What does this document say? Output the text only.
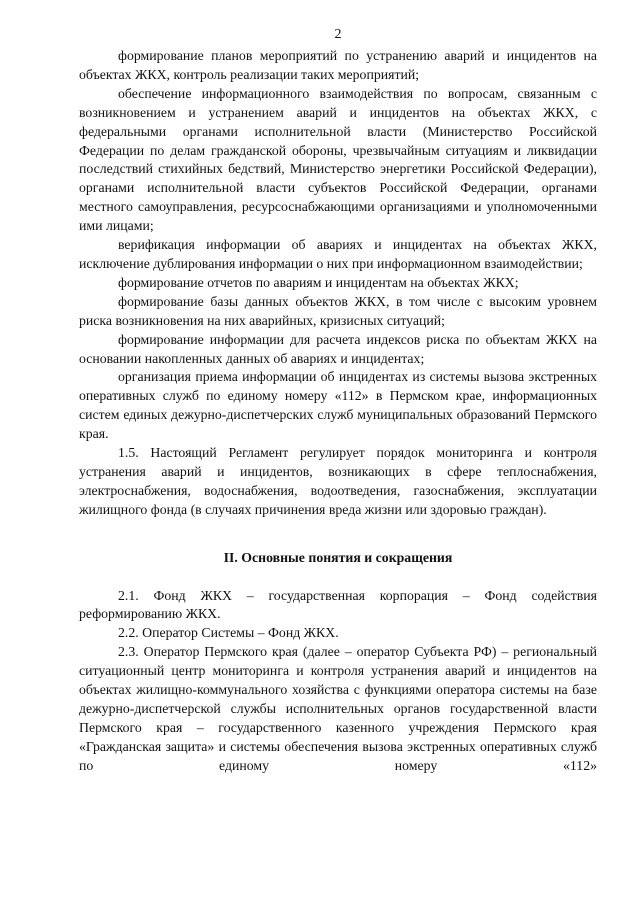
2

формирование планов мероприятий по устранению аварий и инцидентов на объектах ЖКХ, контроль реализации таких мероприятий;

обеспечение информационного взаимодействия по вопросам, связанным с возникновением и устранением аварий и инцидентов на объектах ЖКХ, с федеральными органами исполнительной власти (Министерство Российской Федерации по делам гражданской обороны, чрезвычайным ситуациям и ликвидации последствий стихийных бедствий, Министерство энергетики Российской Федерации), органами исполнительной власти субъектов Российской Федерации, органами местного самоуправления, ресурсоснабжающими организациями и уполномоченными ими лицами;

верификация информации об авариях и инцидентах на объектах ЖКХ, исключение дублирования информации о них при информационном взаимодействии;

формирование отчетов по авариям и инцидентам на объектах ЖКХ;

формирование базы данных объектов ЖКХ, в том числе с высоким уровнем риска возникновения на них аварийных, кризисных ситуаций;

формирование информации для расчета индексов риска по объектам ЖКХ на основании накопленных данных об авариях и инцидентах;

организация приема информации об инцидентах из системы вызова экстренных оперативных служб по единому номеру «112» в Пермском крае, информационных систем единых дежурно-диспетчерских служб муниципальных образований Пермского края.

1.5. Настоящий Регламент регулирует порядок мониторинга и контроля устранения аварий и инцидентов, возникающих в сфере теплоснабжения, электроснабжения, водоснабжения, водоотведения, газоснабжения, эксплуатации жилищного фонда (в случаях причинения вреда жизни или здоровью граждан).

II. Основные понятия и сокращения

2.1. Фонд ЖКХ – государственная корпорация – Фонд содействия реформированию ЖКХ.

2.2. Оператор Системы – Фонд ЖКХ.

2.3. Оператор Пермского края (далее – оператор Субъекта РФ) – региональный ситуационный центр мониторинга и контроля устранения аварий и инцидентов на объектах жилищно-коммунального хозяйства с функциями оператора системы на базе дежурно-диспетчерской службы исполнительных органов государственной власти Пермского края – государственного казенного учреждения Пермского края «Гражданская защита» и системы обеспечения вызова экстренных оперативных служб по единому номеру «112»
